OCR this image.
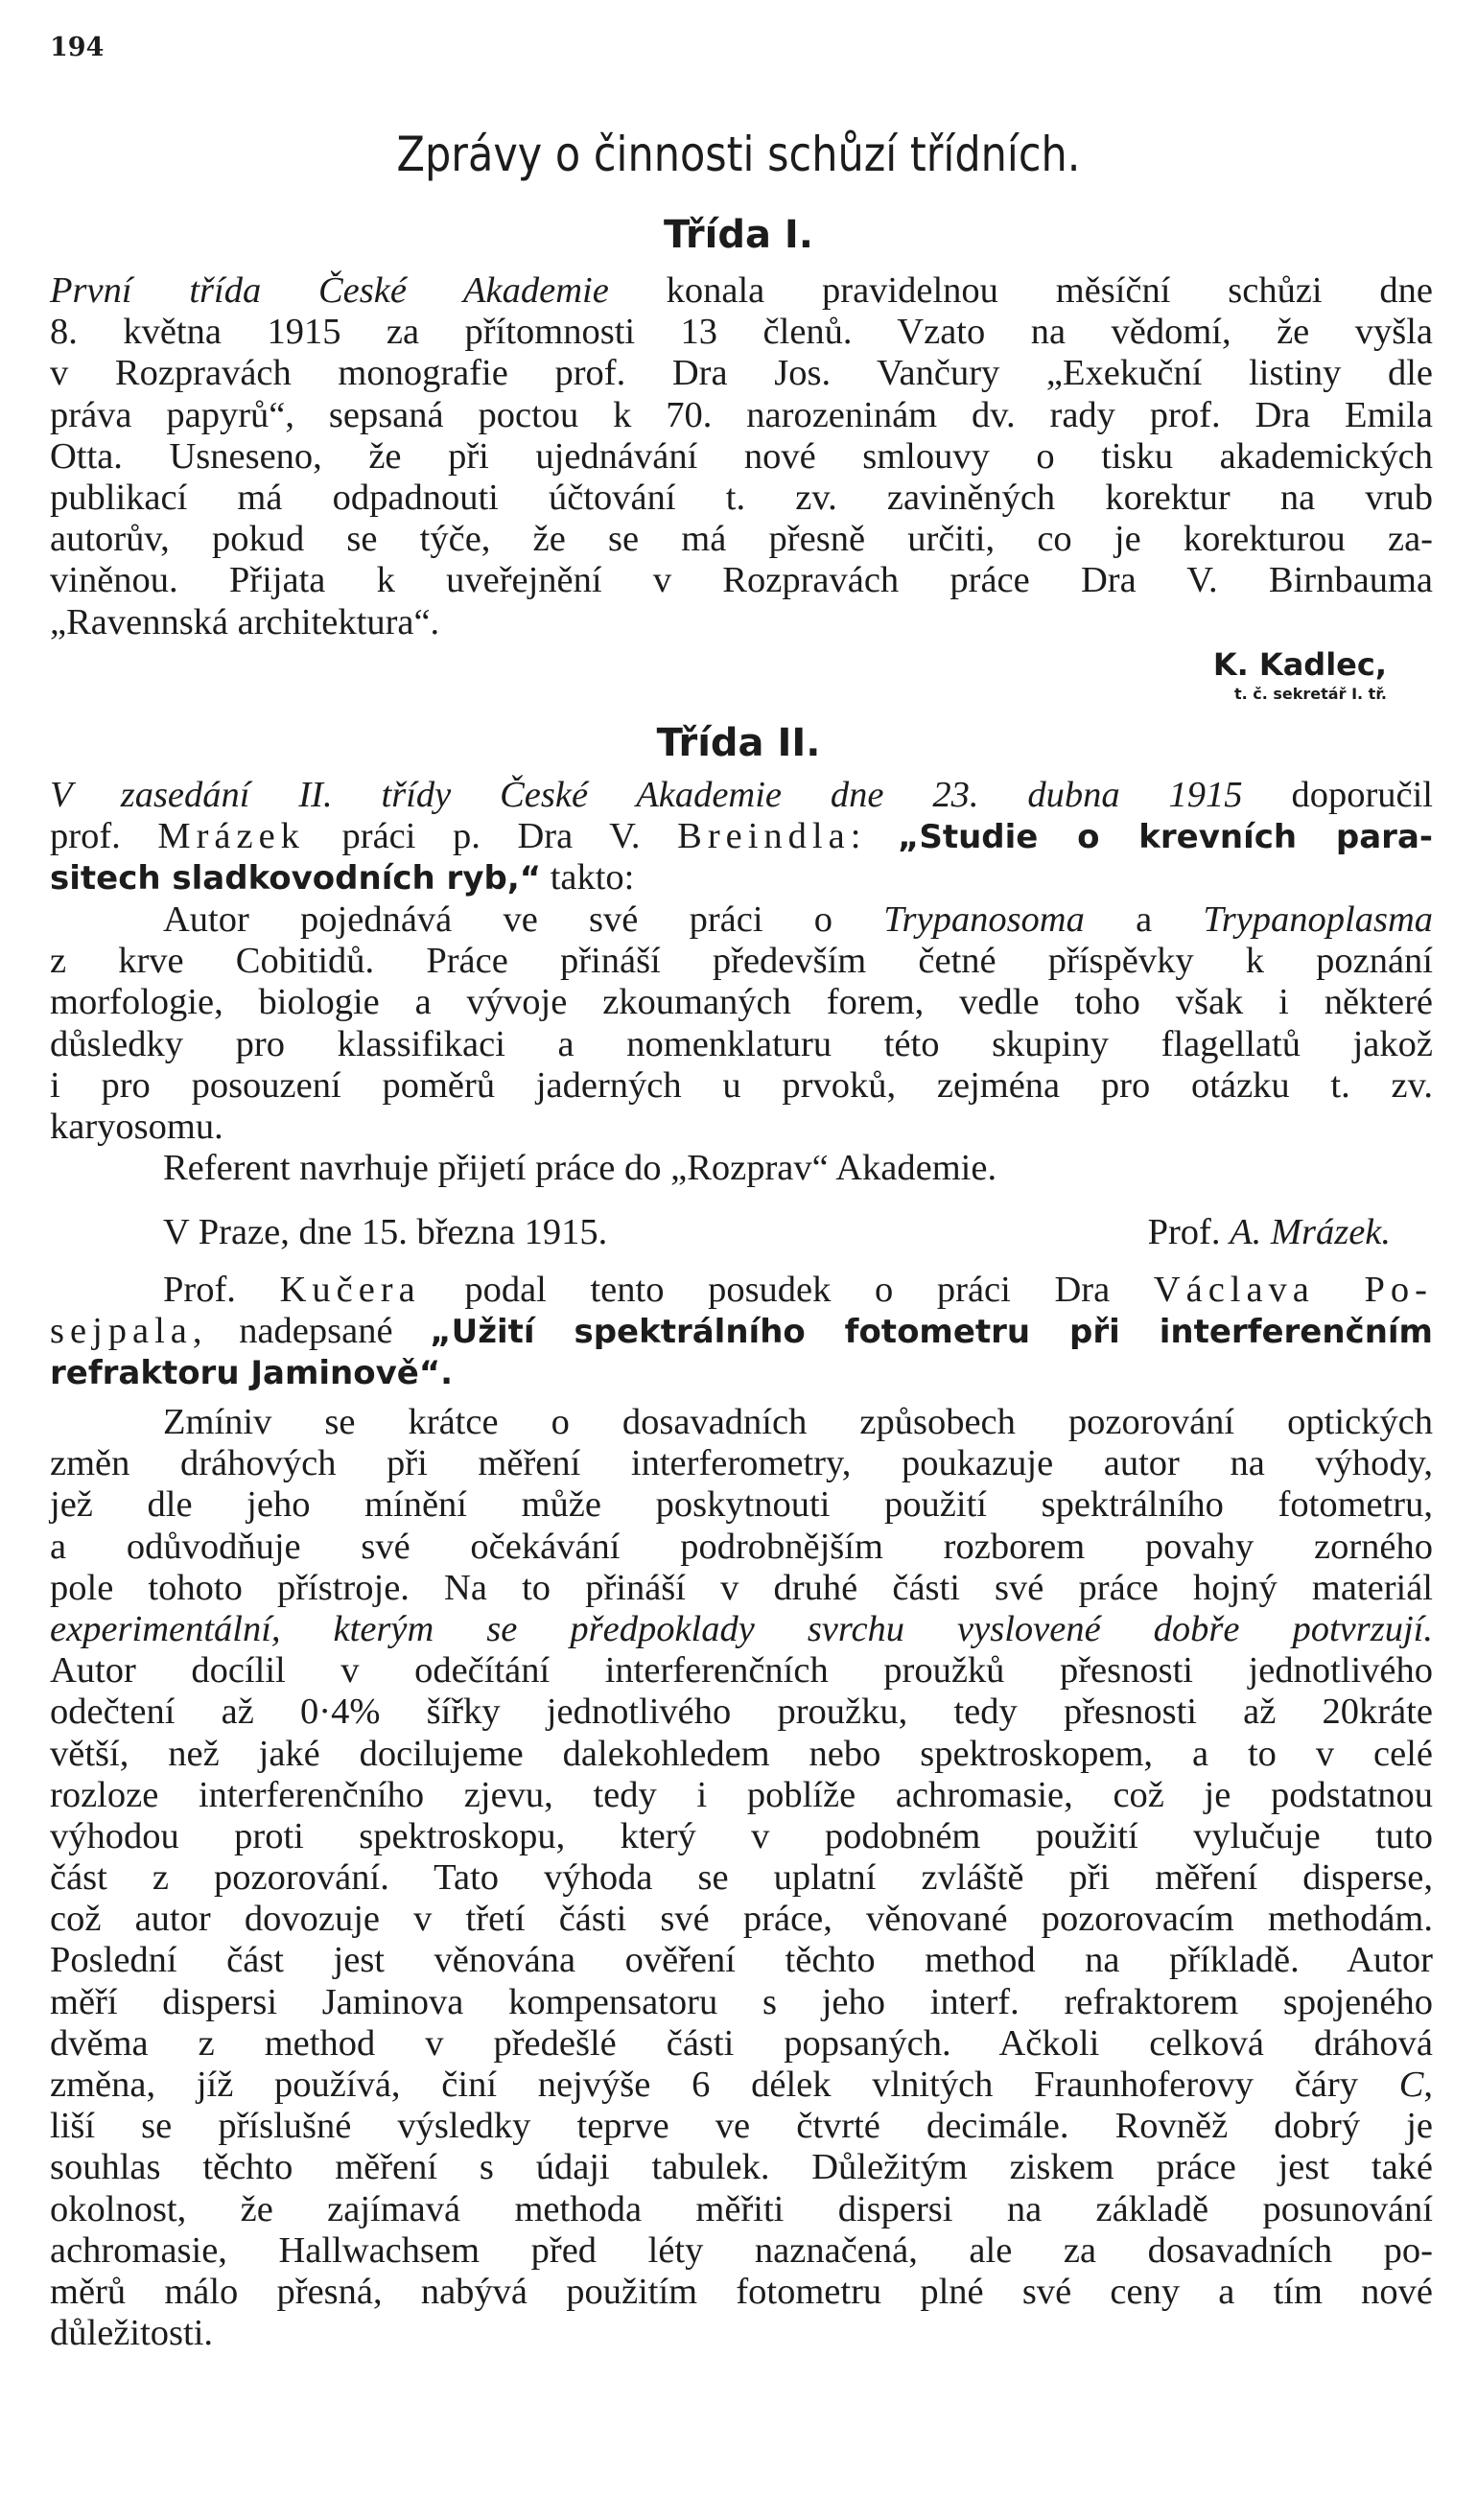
194
Zprávy o činnosti schůzí třídních.
Třída I.
První třída České Akademie konala pravidelnou měsíční schůzi dne
8. května 1915 za přítomnosti 13 členů. Vzato na vědomí, že vyšla
v Rozpravách monografie prof. Dra Jos. Vančury „Exekuční listiny dle
práva papyrů“, sepsaná poctou k 70. narozeninám dv. rady prof. Dra Emila
Otta. Usneseno, že při ujednávání nové smlouvy o tisku akademických
publikací má odpadnouti účtování t. zv. zaviněných korektur na vrub
autorův, pokud se týče, že se má přesně určiti, co je korekturou za-
viněnou. Přijata k uveřejnění v Rozpravách práce Dra V. Birnbauma
„Ravennská architektura“.
K. Kadlec,
t. č. sekretář I. tř.
Třída II.
V zasedání II. třídy České Akademie dne 23. dubna 1915 doporučil
prof. Mrázek práci p. Dra V. Breindla: „Studie o krevních para-
sitech sladkovodních ryb,“ takto:
Autor pojednává ve své práci o Trypanosoma a Trypanoplasma
z krve Cobitidů. Práce přináší především četné příspěvky k poznání
morfologie, biologie a vývoje zkoumaných forem, vedle toho však i některé
důsledky pro klassifikaci a nomenklaturu této skupiny flagellatů jakož
i pro posouzení poměrů jaderných u prvoků, zejména pro otázku t. zv.
karyosomu.
Referent navrhuje přijetí práce do „Rozprav“ Akademie.
V Praze, dne 15. března 1915.	Prof. A. Mrázek.
Prof. Kučera podal tento posudek o práci Dra Václava Po-
sejpala, nadepsané „Užití spektrálního fotometru při interferenčním
refraktoru Jaminově“.
Zmíniv se krátce o dosavadních způsobech pozorování optických
změn dráhových při měření interferometry, poukazuje autor na výhody,
jež dle jeho mínění může poskytnouti použití spektrálního fotometru,
a odůvodňuje své očekávání podrobnějším rozborem povahy zorného
pole tohoto přístroje. Na to přináší v druhé části své práce hojný materiál
experimentální, kterým se předpoklady svrchu vyslovené dobře potvrzují.
Autor docílil v odečítání interferenčních proužků přesnosti jednotlivého
odečtení až 0·4% šířky jednotlivého proužku, tedy přesnosti až 20kráte
větší, než jaké docilujeme dalekohledem nebo spektroskopem, a to v celé
rozloze interferenčního zjevu, tedy i poblíže achromasie, což je podstatnou
výhodou proti spektroskopu, který v podobném použití vylučuje tuto
část z pozorování. Tato výhoda se uplatní zvláště při měření disperse,
což autor dovozuje v třetí části své práce, věnované pozorovacím methodám.
Poslední část jest věnována ověření těchto method na příkladě. Autor
měří dispersi Jaminova kompensatoru s jeho interf. refraktorem spojeného
dvěma z method v předešlé části popsaných. Ačkoli celková dráhová
změna, jíž používá, činí nejvýše 6 délek vlnitých Fraunhoferovy čáry C,
liší se příslušné výsledky teprve ve čtvrté decimále. Rovněž dobrý je
souhlas těchto měření s údaji tabulek. Důležitým ziskem práce jest také
okolnost, že zajímavá methoda měřiti dispersi na základě posunování
achromasie, Hallwachsem před léty naznačená, ale za dosavadních po-
měrů málo přesná, nabývá použitím fotometru plné své ceny a tím nové
důležitosti.
